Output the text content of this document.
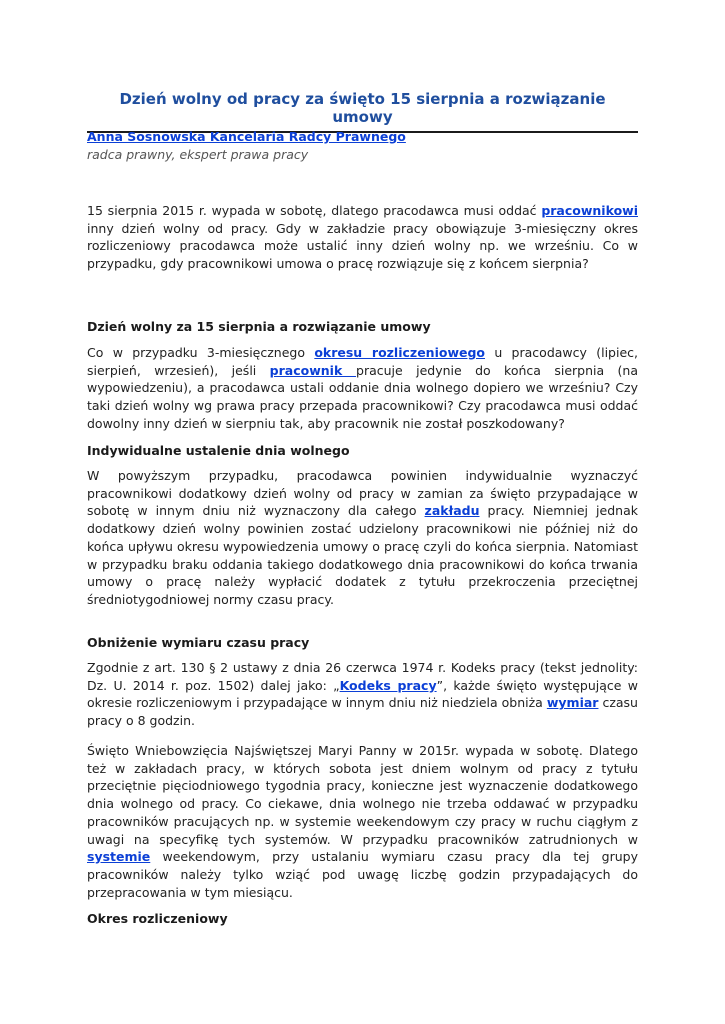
Dzień wolny od pracy za święto 15 sierpnia a rozwiązanie umowy
Anna Sosnowska Kancelaria Radcy Prawnego
radca prawny, ekspert prawa pracy

15 sierpnia 2015 r. wypada w sobotę, dlatego pracodawca musi oddać pracownikowi inny dzień wolny od pracy. Gdy w zakładzie pracy obowiązuje 3-miesięczny okres rozliczeniowy pracodawca może ustalić inny dzień wolny np. we wrześniu. Co w przypadku, gdy pracownikowi umowa o pracę rozwiązuje się z końcem sierpnia?

Dzień wolny za 15 sierpnia a rozwiązanie umowy

Co w przypadku 3-miesięcznego okresu rozliczeniowego u pracodawcy (lipiec, sierpień, wrzesień), jeśli pracownik pracuje jedynie do końca sierpnia (na wypowiedzeniu), a pracodawca ustali oddanie dnia wolnego dopiero we wrześniu? Czy taki dzień wolny wg prawa pracy przepada pracownikowi? Czy pracodawca musi oddać dowolny inny dzień w sierpniu tak, aby pracownik nie został poszkodowany?

Indywidualne ustalenie dnia wolnego

W powyższym przypadku, pracodawca powinien indywidualnie wyznaczyć pracownikowi dodatkowy dzień wolny od pracy w zamian za święto przypadające w sobotę w innym dniu niż wyznaczony dla całego zakładu pracy. Niemniej jednak dodatkowy dzień wolny powinien zostać udzielony pracownikowi nie później niż do końca upływu okresu wypowiedzenia umowy o pracę czyli do końca sierpnia. Natomiast w przypadku braku oddania takiego dodatkowego dnia pracownikowi do końca trwania umowy o pracę należy wypłacić dodatek z tytułu przekroczenia przeciętnej średniotygodniowej normy czasu pracy.

Obniżenie wymiaru czasu pracy

Zgodnie z art. 130 § 2 ustawy z dnia 26 czerwca 1974 r. Kodeks pracy (tekst jednolity: Dz. U. 2014 r. poz. 1502) dalej jako: „Kodeks pracy”, każde święto występujące w okresie rozliczeniowym i przypadające w innym dniu niż niedziela obniża wymiar czasu pracy o 8 godzin.

Święto Wniebowzięcia Najświętszej Maryi Panny w 2015r. wypada w sobotę. Dlatego też w zakładach pracy, w których sobota jest dniem wolnym od pracy z tytułu przeciętnie pięciodniowego tygodnia pracy, konieczne jest wyznaczenie dodatkowego dnia wolnego od pracy. Co ciekawe, dnia wolnego nie trzeba oddawać w przypadku pracowników pracujących np. w systemie weekendowym czy pracy w ruchu ciągłym z uwagi na specyfikę tych systemów. W przypadku pracowników zatrudnionych w systemie weekendowym, przy ustalaniu wymiaru czasu pracy dla tej grupy pracowników należy tylko wziąć pod uwagę liczbę godzin przypadających do przepracowania w tym miesiącu.

Okres rozliczeniowy
